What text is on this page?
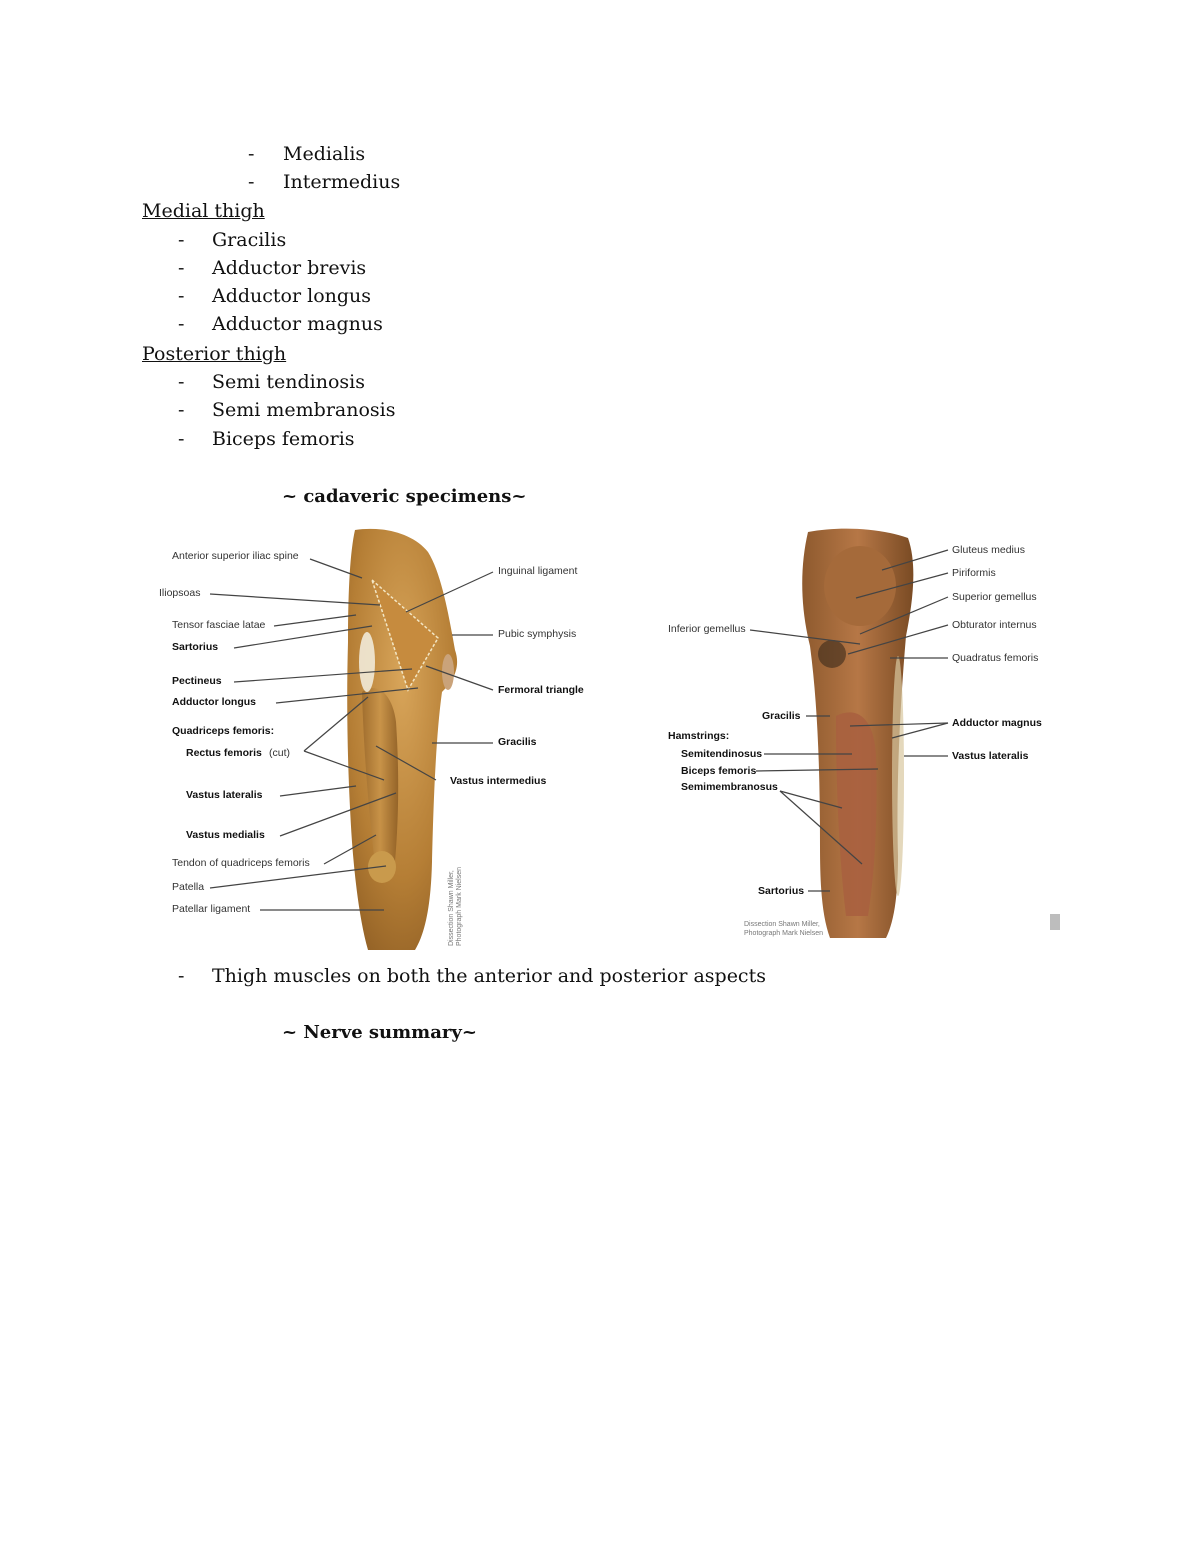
- Medialis
- Intermedius
Medial thigh
- Gracilis
- Adductor brevis
- Adductor longus
- Adductor magnus
Posterior thigh
- Semi tendinosis
- Semi membranosis
- Biceps femoris
~ cadaveric specimens~
Anterior superior iliac spine
Iliopsoas
Tensor fasciae latae
Sartorius
Pectineus
Adductor longus
Quadriceps femoris:
Rectus femoris (cut)
Vastus lateralis
Vastus medialis
Tendon of quadriceps femoris
Patella
Patellar ligament
Inguinal ligament
Pubic symphysis
Fermoral triangle
Gracilis
Vastus intermedius
Dissection Shawn Miller, Photograph Mark Nielsen
Gluteus medius
Piriformis
Superior gemellus
Obturator internus
Quadratus femoris
Adductor magnus
Vastus lateralis
Inferior gemellus
Gracilis
Hamstrings:
Semitendinosus
Biceps femoris
Semimembranosus
Sartorius
Dissection Shawn Miller,
Photograph Mark Nielsen
- Thigh muscles on both the anterior and posterior aspects
~ Nerve summary~
